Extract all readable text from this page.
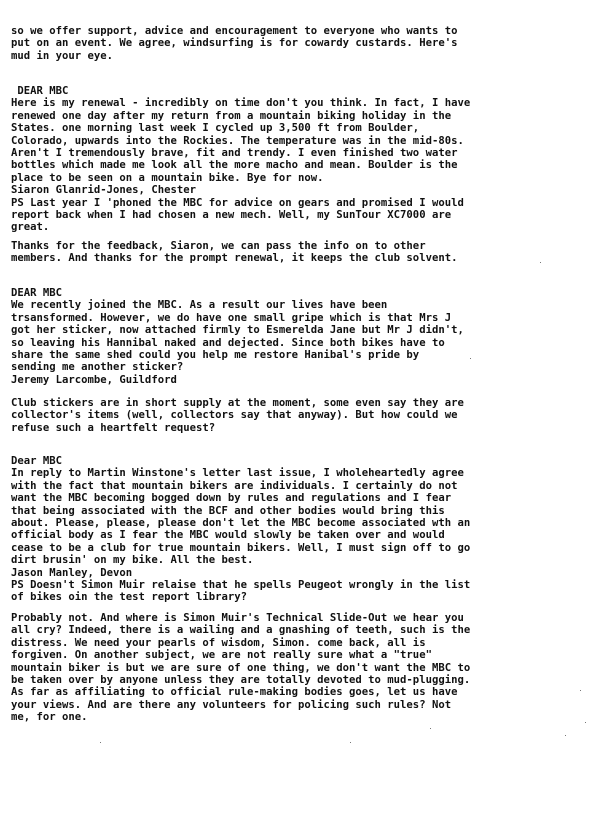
so we offer support, advice and encouragement to everyone who wants to
put on an event. We agree, windsurfing is for cowardy custards. Here's
mud in your eye.
DEAR MBC
Here is my renewal - incredibly on time don't you think. In fact, I have
renewed one day after my return from a mountain biking holiday in the
States. one morning last week I cycled up 3,500 ft from Boulder,
Colorado, upwards into the Rockies. The temperature was in the mid-80s.
Aren't I tremendously brave, fit and trendy. I even finished two water
bottles which made me look all the more macho and mean. Boulder is the
place to be seen on a mountain bike. Bye for now.
Siaron Glanrid-Jones, Chester
PS Last year I 'phoned the MBC for advice on gears and promised I would
report back when I had chosen a new mech. Well, my SunTour XC7000 are
great.
Thanks for the feedback, Siaron, we can pass the info on to other
members. And thanks for the prompt renewal, it keeps the club solvent.
DEAR MBC
We recently joined the MBC. As a result our lives have been
trsansformed. However, we do have one small gripe which is that Mrs J
got her sticker, now attached firmly to Esmerelda Jane but Mr J didn't,
so leaving his Hannibal naked and dejected. Since both bikes have to
share the same shed could you help me restore Hanibal's pride by
sending me another sticker?
Jeremy Larcombe, Guildford
Club stickers are in short supply at the moment, some even say they are
collector's items (well, collectors say that anyway). But how could we
refuse such a heartfelt request?
Dear MBC
In reply to Martin Winstone's letter last issue, I wholeheartedly agree
with the fact that mountain bikers are individuals. I certainly do not
want the MBC becoming bogged down by rules and regulations and I fear
that being associated with the BCF and other bodies would bring this
about. Please, please, please don't let the MBC become associated wth an
official body as I fear the MBC would slowly be taken over and would
cease to be a club for true mountain bikers. Well, I must sign off to go
dirt brusin' on my bike. All the best.
Jason Manley, Devon
PS Doesn't Simon Muir relaise that he spells Peugeot wrongly in the list
of bikes oin the test report library?
Probably not. And where is Simon Muir's Technical Slide-Out we hear you
all cry? Indeed, there is a wailing and a gnashing of teeth, such is the
distress. We need your pearls of wisdom, Simon. come back, all is
forgiven. On another subject, we are not really sure what a "true"
mountain biker is but we are sure of one thing, we don't want the MBC to
be taken over by anyone unless they are totally devoted to mud-plugging.
As far as affiliating to official rule-making bodies goes, let us have
your views. And are there any volunteers for policing such rules? Not
me, for one.
